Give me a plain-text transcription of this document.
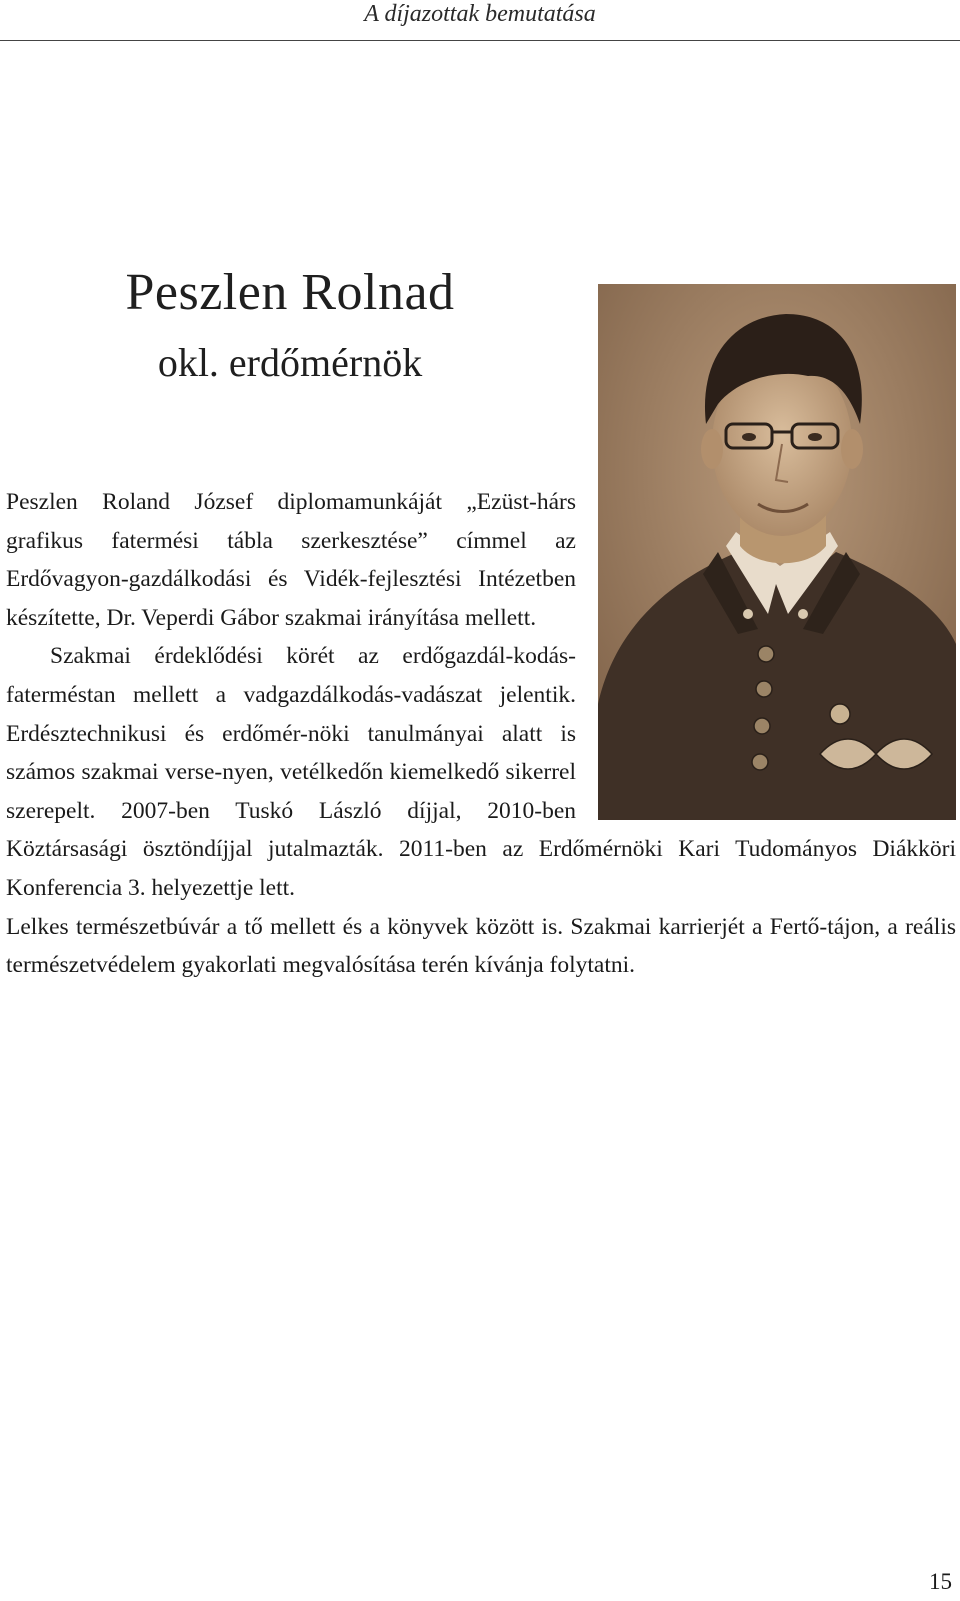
A díjazottak bemutatása
Peszlen Rolnad
okl. erdőmérnök

Peszlen Roland József diplomamunkáját „Ezüst-hárs grafikus fatermési tábla szerkesztése” címmel az Erdővagyon-gazdálkodási és Vidék-fejlesztési Intézetben készítette, Dr. Veperdi Gábor szakmai irányítása mellett.

Szakmai érdeklődési körét az erdőgazdál-kodás-faterméstan mellett a vadgazdálkodás-vadászat jelentik. Erdésztechnikusi és erdőmér-nöki tanulmányai alatt is számos szakmai verse-nyen, vetélkedőn kiemelkedő sikerrel szerepelt. 2007-ben Tuskó László díjjal, 2010-ben Köztársasági ösztöndíjjal jutalmazták. 2011-ben az Erdőmérnöki Kari Tudományos Diákköri Konferencia 3. helyezettje lett.

Lelkes természetbúvár a tő mellett és a könyvek között is. Szakmai karrierjét a Fertő-tájon, a reális természetvédelem gyakorlati megvalósítása terén kívánja folytatni.

15
